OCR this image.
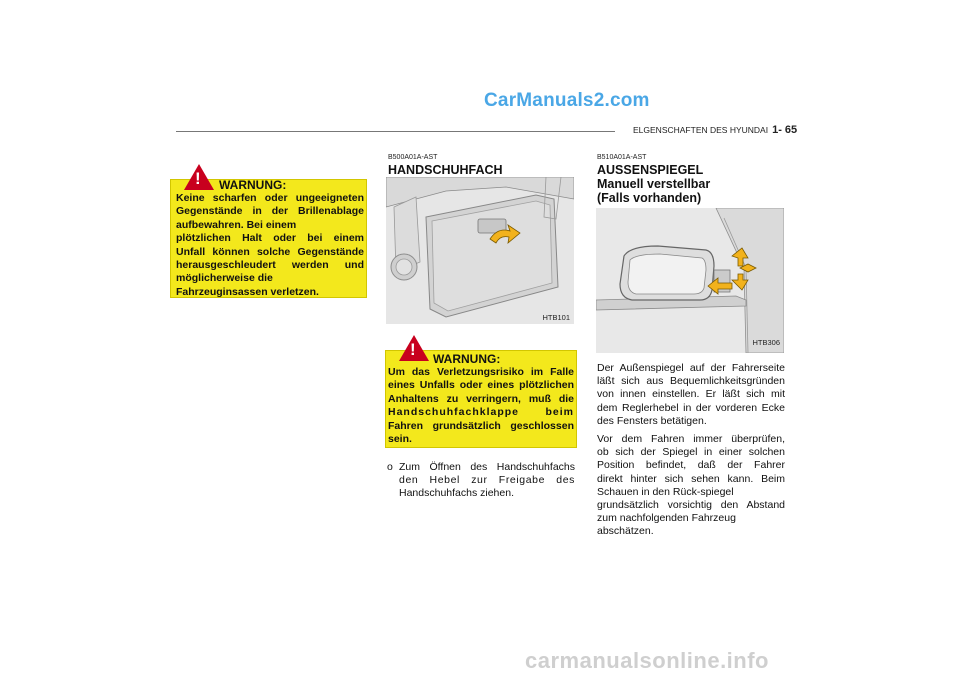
CarManuals2.com
ELGENSCHAFTEN DES HYUNDAI 1- 65
! WARNUNG:
Keine scharfen oder ungeeigneten
Gegenstände in der Brillenablage
aufbewahren. Bei einem
plötzlichen Halt oder bei einem
Unfall können solche Gegenstände
herausgeschleudert werden und
möglicherweise die
Fahrzeuginsassen verletzen.
B500A01A-AST
HANDSCHUHFACH
HTB101
! WARNUNG:
Um das Verletzungsrisiko im Falle
eines Unfalls oder eines plötzlichen
Anhaltens zu verringern, muß die
Handschuhfachklappe beim
Fahren grundsätzlich geschlossen
sein.
o Zum Öffnen des Handschuhfachs
den Hebel zur Freigabe des
Handschuhfachs ziehen.
B510A01A-AST
AUSSENSPIEGEL
Manuell verstellbar
(Falls vorhanden)
HTB306
Der Außenspiegel auf der Fahrerseite
läßt sich aus Bequemlichkeitsgründen
von innen einstellen. Er läßt sich mit
dem Reglerhebel in der vorderen Ecke
des Fensters betätigen.
Vor dem Fahren immer überprüfen,
ob sich der Spiegel in einer solchen
Position befindet, daß der Fahrer
direkt hinter sich sehen kann. Beim
Schauen in den Rück-spiegel
grundsätzlich vorsichtig den Abstand
zum nachfolgenden Fahrzeug
abschätzen.
carmanualsonline.info
